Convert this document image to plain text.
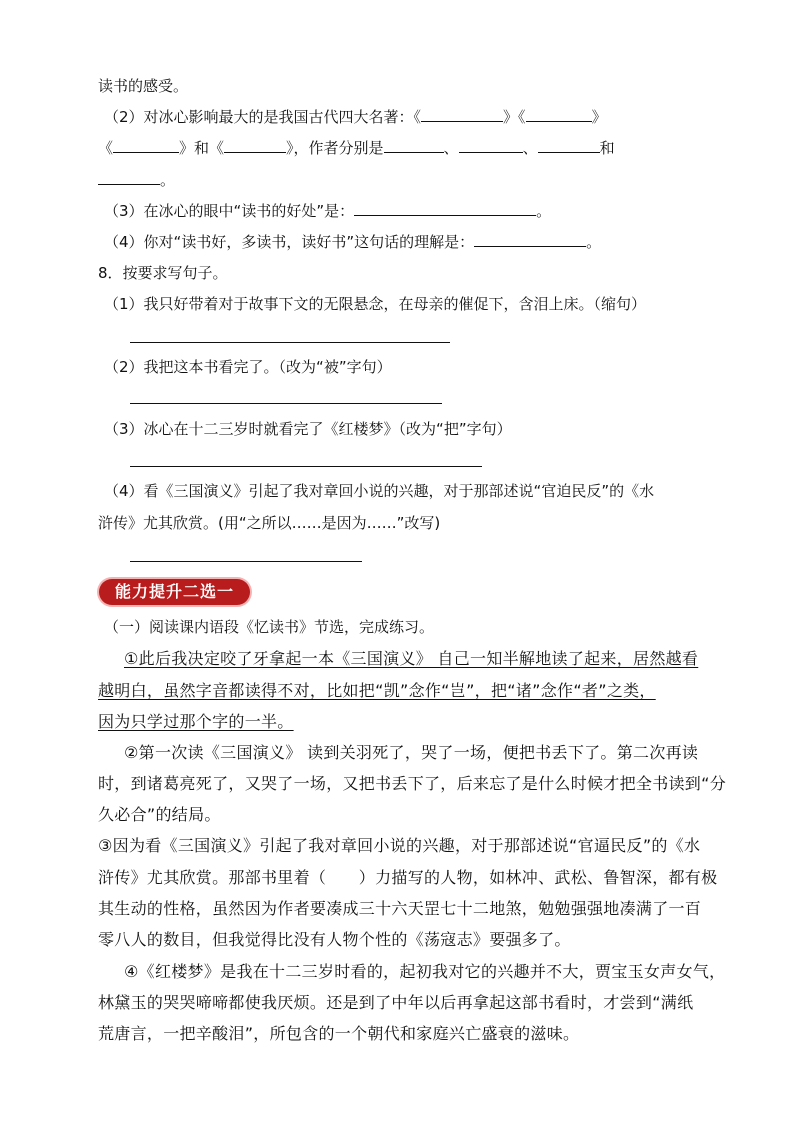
读书的感受。
（2）对冰心影响最大的是我国古代四大名著：《	》《	》
《	》和《	》，作者分别是	、	、	和
。
（3）在冰心的眼中“读书的好处”是：	。
（4）你对“读书好，多读书，读好书”这句话的理解是：	。
8．按要求写句子。
（1）我只好带着对于故事下文的无限悬念，在母亲的催促下，含泪上床。（缩句）
（2）我把这本书看完了。（改为“被”字句）
（3）冰心在十二三岁时就看完了《红楼梦》（改为“把”字句）
（4）看《三国演义》引起了我对章回小说的兴趣，对于那部述说“官迫民反”的《水
浒传》尤其欣赏。(用“之所以……是因为……”改写)
能力提升二选一
（一）阅读课内语段《忆读书》节选，完成练习。
①此后我决定咬了牙拿起一本《三国演义》 自己一知半解地读了起来，居然越看
越明白，虽然字音都读得不对，比如把“凯”念作“岂”，把“诸”念作“者”之类，
因为只学过那个字的一半。
②第一次读《三国演义》 读到关羽死了，哭了一场，便把书丢下了。第二次再读
时，到诸葛亮死了，又哭了一场，又把书丢下了，后来忘了是什么时候才把全书读到“分
久必合”的结局。
③因为看《三国演义》引起了我对章回小说的兴趣，对于那部述说“官逼民反”的《水
浒传》尤其欣赏。那部书里着（　　）力描写的人物，如林冲、武松、鲁智深，都有极
其生动的性格，虽然因为作者要凑成三十六天罡七十二地煞，勉勉强强地凑满了一百
零八人的数目，但我觉得比没有人物个性的《荡寇志》要强多了。
④《红楼梦》是我在十二三岁时看的，起初我对它的兴趣并不大，贾宝玉女声女气，
林黛玉的哭哭啼啼都使我厌烦。还是到了中年以后再拿起这部书看时，才尝到“满纸
荒唐言，一把辛酸泪”，所包含的一个朝代和家庭兴亡盛衰的滋味。
